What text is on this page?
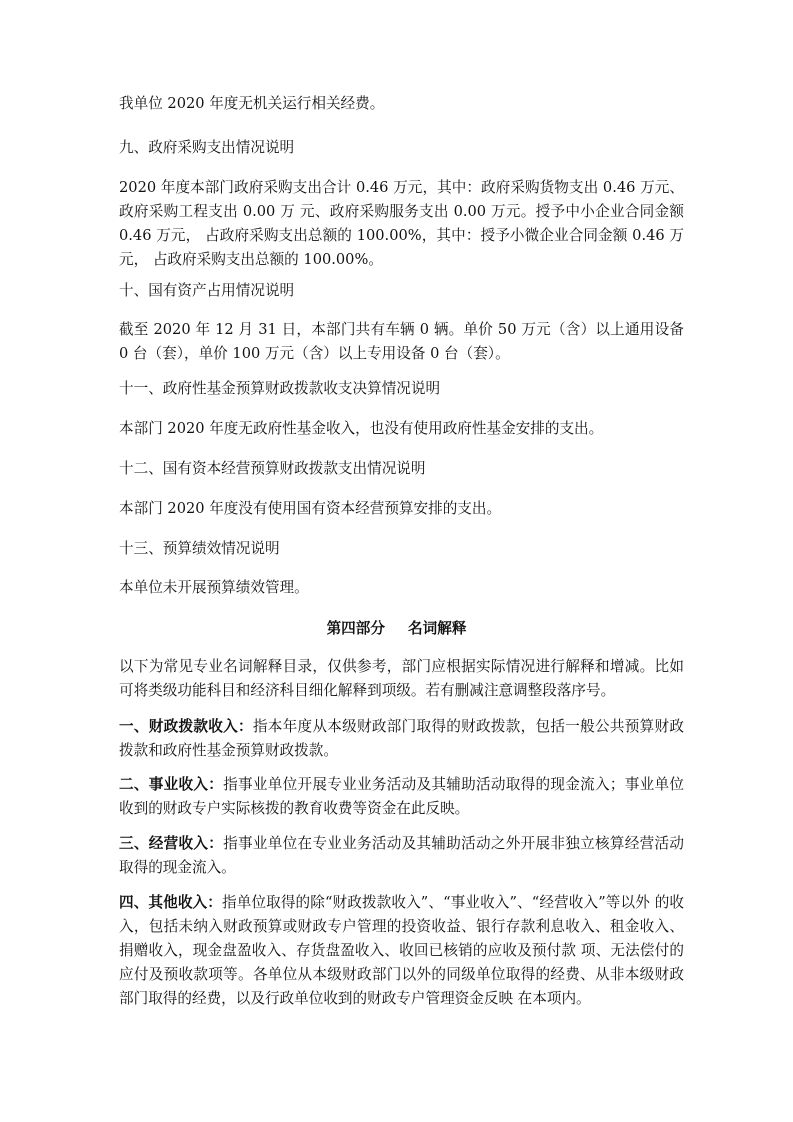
我单位 2020 年度无机关运行相关经费。

九、政府采购支出情况说明

2020 年度本部门政府采购支出合计 0.46 万元，其中：政府采购货物支出 0.46 万元、政府采购工程支出 0.00 万 元、政府采购服务支出 0.00 万元。授予中小企业合同金额 0.46 万元， 占政府采购支出总额的 100.00%，其中：授予小微企业合同金额 0.46 万元， 占政府采购支出总额的 100.00%。

十、国有资产占用情况说明

截至 2020 年 12 月 31 日，本部门共有车辆 0 辆。单价 50 万元（含）以上通用设备 0 台（套），单价 100 万元（含）以上专用设备 0 台（套）。

十一、政府性基金预算财政拨款收支决算情况说明

本部门 2020 年度无政府性基金收入，也没有使用政府性基金安排的支出。

十二、国有资本经营预算财政拨款支出情况说明

本部门 2020 年度没有使用国有资本经营预算安排的支出。

十三、预算绩效情况说明

本单位未开展预算绩效管理。

第四部分 名词解释

以下为常见专业名词解释目录，仅供参考，部门应根据实际情况进行解释和增减。比如可将类级功能科目和经济科目细化解释到项级。若有删减注意调整段落序号。

一、财政拨款收入：指本年度从本级财政部门取得的财政拨款，包括一般公共预算财政拨款和政府性基金预算财政拨款。

二、事业收入：指事业单位开展专业业务活动及其辅助活动取得的现金流入；事业单位收到的财政专户实际核拨的教育收费等资金在此反映。

三、经营收入：指事业单位在专业业务活动及其辅助活动之外开展非独立核算经营活动取得的现金流入。

四、其他收入：指单位取得的除“财政拨款收入”、“事业收入”、“经营收入”等以外 的收入，包括未纳入财政预算或财政专户管理的投资收益、银行存款利息收入、租金收入、捐赠收入，现金盘盈收入、存货盘盈收入、收回已核销的应收及预付款 项、无法偿付的应付及预收款项等。各单位从本级财政部门以外的同级单位取得的经费、从非本级财政部门取得的经费，以及行政单位收到的财政专户管理资金反映 在本项内。
